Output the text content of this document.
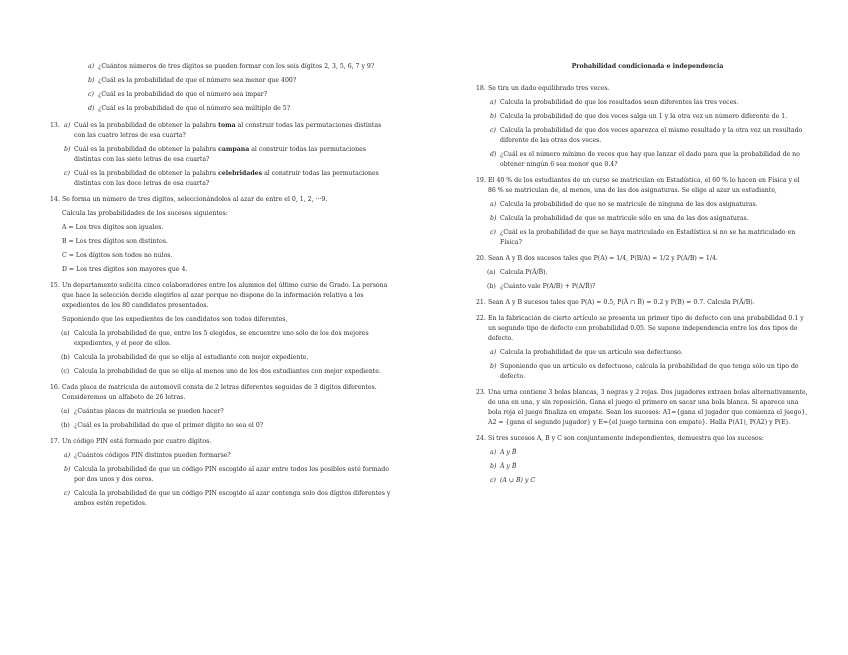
a) ¿Cuántos números de tres dígitos se pueden formar con los seis dígitos 2, 3, 5, 6, 7 y 9?
b) ¿Cuál es la probabilidad de que el número sea menor que 400?
c) ¿Cuál es la probabilidad de que el número sea impar?
d) ¿Cuál es la probabilidad de que el número sea múltiplo de 5?
13. a) Cuál es la probabilidad de obtener la palabra toma al construir todas las permutaciones distintas con las cuatro letras de esa cuarta?
b) Cuál es la probabilidad de obtener la palabra campana al construir todas las permutaciones distintas con las siete letras de esa cuarta?
c) Cuál es la probabilidad de obtener la palabra celebridades al construir todas las permutaciones distintas con las doce letras de esa cuarta?
14. Se forma un número de tres dígitos, seleccionándolos al azar de entre el 0, 1, 2, ···9.
Calcula las probabilidades de los sucesos siguientes:
A = Los tres dígitos son iguales.
B = Los tres dígitos son distintos.
C = Los dígitos son todos no nulos.
D = Los tres dígitos son mayores que 4.
15. Un departamento solicita cinco colaboradores entre los alumnos del último curso de Grado. La persona que hace la selección decide elegirlos al azar porque no dispone de la información relativa a los expedientes de los 80 candidatos presentados.
Suponiendo que los expedientes de los candidatos son todos diferentes,
(a) Calcula la probabilidad de que, entre los 5 elegidos, se encuentre uno sólo de los dos mejores expedientes, y el peor de ellos.
(b) Calcula la probabilidad de que se elija al estudiante con mejor expediente.
(c) Calcula la probabilidad de que se elija al menos uno de los dos estudiantes con mejor expediente.
16. Cada placa de matrícula de automóvil consta de 2 letras diferentes seguidas de 3 dígitos diferentes. Consideremos un alfabeto de 26 letras.
(a) ¿Cuántas placas de matrícula se pueden hacer?
(b) ¿Cuál es la probabilidad de que el primer dígito no sea el 0?
17. Un código PIN está formado por cuatro dígitos.
a) ¿Cuántos códigos PIN distintos pueden formarse?
b) Calcula la probabilidad de que un código PIN escogido al azar entre todos los posibles esté formado por dos unos y dos ceros.
c) Calcula la probabilidad de que un código PIN escogido al azar contenga solo dos dígitos diferentes y ambos estén repetidos.
Probabilidad condicionada e independencia
18. Se tira un dado equilibrado tres veces.
a) Calcula la probabilidad de que los resultados sean diferentes las tres veces.
b) Calcula la probabilidad de que dos veces salga un 1 y la otra vez un número diferente de 1.
c) Calcula la probabilidad de que dos veces aparezca el mismo resultado y la otra vez un resultado diferente de las otras dos veces.
d) ¿Cuál es el número mínimo de veces que hay que lanzar el dado para que la probabilidad de no obtener ningún 6 sea menor que 0.4?
19. El 40 % de los estudiantes de un curso se matriculan en Estadística, el 60 % lo hacen en Física y el 86 % se matriculan de, al menos, una de las dos asignaturas. Se elige al azar un estudiante,
a) Calcula la probabilidad de que no se matricule de ninguna de las dos asignaturas.
b) Calcula la probabilidad de que se matricule sólo en una de las dos asignaturas.
c) ¿Cuál es la probabilidad de que se haya matriculado en Estadística si no se ha matriculado en Física?
20. Sean A y B dos sucesos tales que P(A) = 1/4, P(B/A) = 1/2 y P(A/B) = 1/4.
(a) Calcula P(A̅/B̅).
(b) ¿Cuánto vale P(A/B) + P(A/B̅)?
21. Sean A y B sucesos tales que P(A) = 0.5, P(A̅ ∩ B̅) = 0.2 y P(B) = 0.7. Calcula P(A̅/B).
22. En la fabricación de cierto artículo se presenta un primer tipo de defecto con una probabilidad 0.1 y un segundo tipo de defecto con probabilidad 0.05. Se supone independencia entre los dos tipos de defecto.
a) Calcula la probabilidad de que un artículo sea defectuoso.
b) Suponiendo que un artículo es defectuoso, calcula la probabilidad de que tenga sólo un tipo de defecto.
23. Una urna contiene 3 bolas blancas, 3 negras y 2 rojas. Dos jugadores extraen bolas alternativamente, de una en una, y sin reposición. Gana el juego el primero en sacar una bola blanca. Si aparece una bola roja el juego finaliza en empate. Sean los sucesos: A1={gana el jugador que comienza el juego}, A2 = {gana el segundo jugador} y E={el juego termina con empate}. Halla P(A1), P(A2) y P(E).
24. Si tres sucesos A, B y C son conjuntamente independientes, demuestra que los sucesos:
a) A y B̅
b) A̅ y B̅
c) (A ∪ B) y C
